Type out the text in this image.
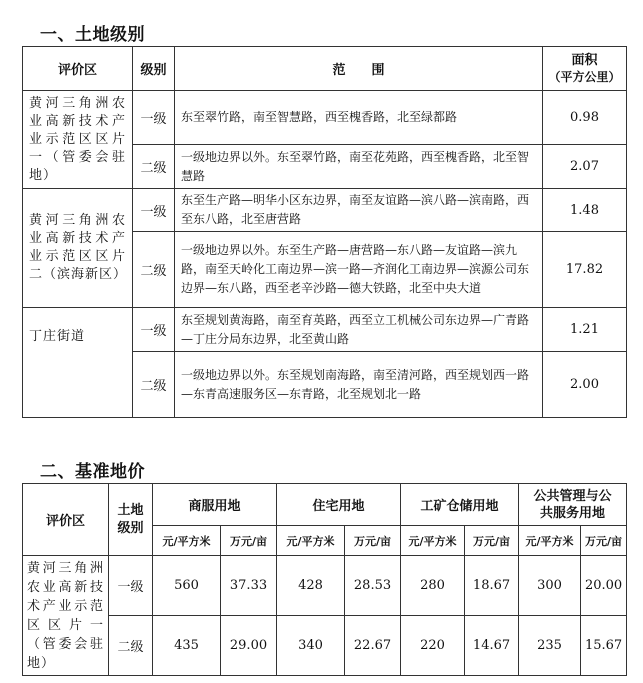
一、土地级别
评价区	级别	范　　围	面积
（平方公里）

黄河三角洲农业高新技术产业示范区区片一（管委会驻地）	一级	东至翠竹路，南至智慧路，西至槐香路，北至绿都路	0.98
	二级	一级地边界以外。东至翠竹路，南至花苑路，西至槐香路，北至智慧路	2.07
黄河三角洲农业高新技术产业示范区区片二（滨海新区）	一级	东至生产路—明华小区东边界，南至友谊路—滨八路—滨南路，西至东八路，北至唐营路	1.48
	二级	一级地边界以外。东至生产路—唐营路—东八路—友谊路—滨九路，南至天岭化工南边界—滨一路—齐润化工南边界—滨源公司东边界—东八路，西至老辛沙路—德大铁路，北至中央大道	17.82
丁庄街道	一级	东至规划黄海路，南至育英路，西至立工机械公司东边界—广青路—丁庄分局东边界，北至黄山路	1.21
	二级	一级地边界以外。东至规划南海路，南至清河路，西至规划西一路—东青高速服务区—东青路，北至规划北一路	2.00
二、基准地价
评价区	土地级别	商服用地		住宅用地		工矿仓储用地		公共管理与公共服务用地	
		元/平方米	万元/亩	元/平方米	万元/亩	元/平方米	万元/亩	元/平方米	万元/亩
黄河三角洲农业高新技术产业示范区区片一（管委会驻地）	一级	560	37.33	428	28.53	280	18.67	300	20.00
	二级	435	29.00	340	22.67	220	14.67	235	15.67
